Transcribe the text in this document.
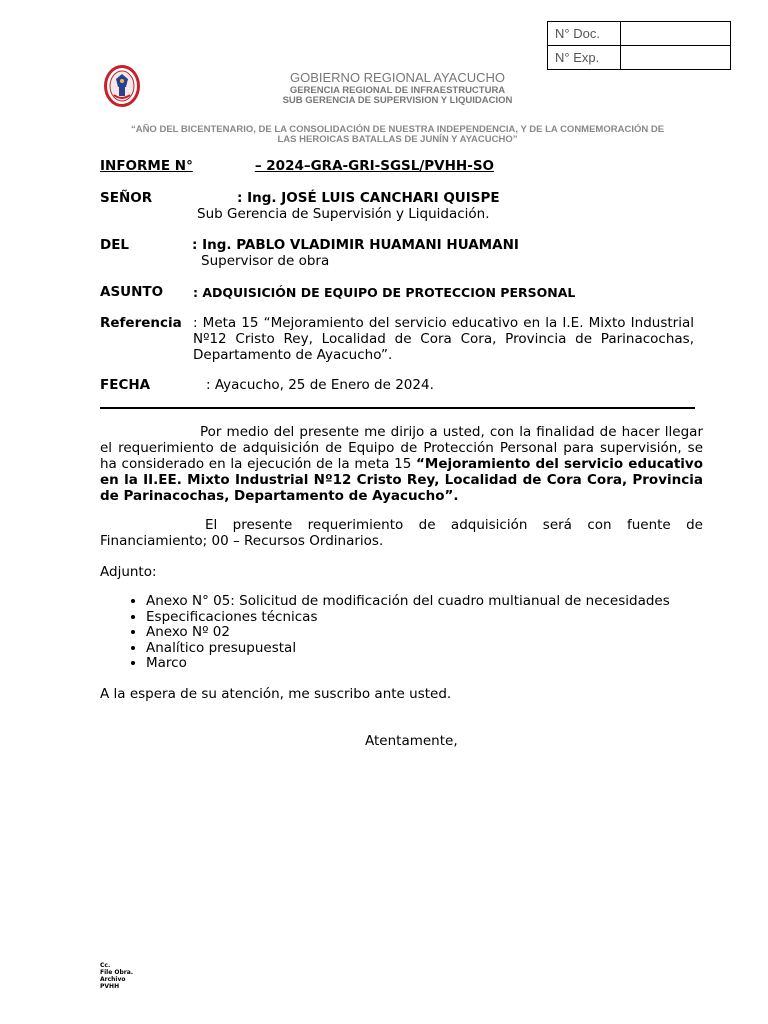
N° Doc.	
N° Exp.	
GOBIERNO REGIONAL AYACUCHO
GERENCIA REGIONAL DE INFRAESTRUCTURA
SUB GERENCIA DE SUPERVISION Y LIQUIDACION
“AÑO DEL BICENTENARIO, DE LA CONSOLIDACIÓN DE NUESTRA INDEPENDENCIA, Y DE LA CONMEMORACIÓN DE
LAS HEROICAS BATALLAS DE JUNÍN Y AYACUCHO”
INFORME N°	– 2024–GRA-GRI-SGSL/PVHH-SO
SEÑOR	: Ing. JOSÉ LUIS CANCHARI QUISPE
Sub Gerencia de Supervisión y Liquidación.
DEL	: Ing. PABLO VLADIMIR HUAMANI HUAMANI
Supervisor de obra
ASUNTO : ADQUISICIÓN DE EQUIPO DE PROTECCION PERSONAL
Referencia : Meta 15 “Mejoramiento del servicio educativo en la I.E. Mixto Industrial Nº12 Cristo Rey, Localidad de Cora Cora, Provincia de Parinacochas, Departamento de Ayacucho”.
FECHA	: Ayacucho, 25 de Enero de 2024.
Por medio del presente me dirijo a usted, con la finalidad de hacer llegar el requerimiento de adquisición de Equipo de Protección Personal para supervisión, se ha considerado en la ejecución de la meta 15 “Mejoramiento del servicio educativo en la II.EE. Mixto Industrial Nº12 Cristo Rey, Localidad de Cora Cora, Provincia de Parinacochas, Departamento de Ayacucho”.
El presente requerimiento de adquisición será con fuente de Financiamiento; 00 – Recursos Ordinarios.
Adjunto:
• Anexo N° 05: Solicitud de modificación del cuadro multianual de necesidades
• Especificaciones técnicas
• Anexo Nº 02
• Analítico presupuestal
• Marco
A la espera de su atención, me suscribo ante usted.
Atentamente,
Cc.
File Obra.
Archivo
PVHH
